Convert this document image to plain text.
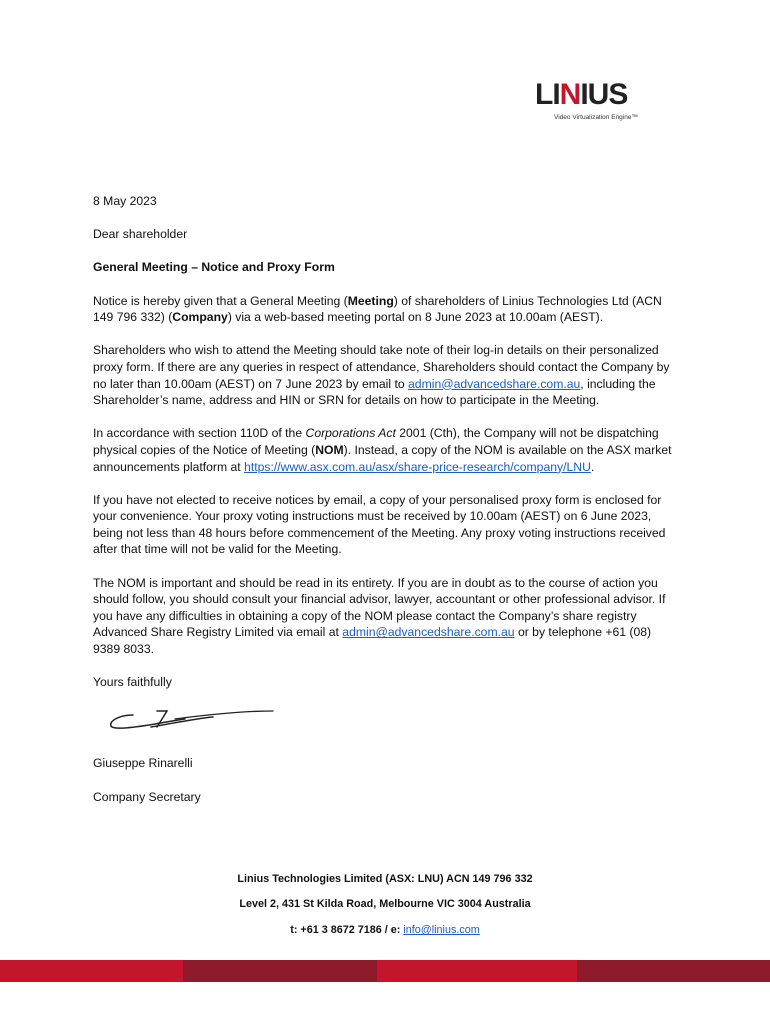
LINIUS
Video Virtualization Engine™

8 May 2023

Dear shareholder

General Meeting – Notice and Proxy Form

Notice is hereby given that a General Meeting (Meeting) of shareholders of Linius Technologies Ltd (ACN 149 796 332) (Company) via a web-based meeting portal on 8 June 2023 at 10.00am (AEST).

Shareholders who wish to attend the Meeting should take note of their log-in details on their personalized proxy form. If there are any queries in respect of attendance, Shareholders should contact the Company by no later than 10.00am (AEST) on 7 June 2023 by email to admin@advancedshare.com.au, including the Shareholder’s name, address and HIN or SRN for details on how to participate in the Meeting.

In accordance with section 110D of the Corporations Act 2001 (Cth), the Company will not be dispatching physical copies of the Notice of Meeting (NOM). Instead, a copy of the NOM is available on the ASX market announcements platform at https://www.asx.com.au/asx/share-price-research/company/LNU.

If you have not elected to receive notices by email, a copy of your personalised proxy form is enclosed for your convenience. Your proxy voting instructions must be received by 10.00am (AEST) on 6 June 2023, being not less than 48 hours before commencement of the Meeting. Any proxy voting instructions received after that time will not be valid for the Meeting.

The NOM is important and should be read in its entirety. If you are in doubt as to the course of action you should follow, you should consult your financial advisor, lawyer, accountant or other professional advisor. If you have any difficulties in obtaining a copy of the NOM please contact the Company’s share registry Advanced Share Registry Limited via email at admin@advancedshare.com.au or by telephone +61 (08) 9389 8033.

Yours faithfully

Giuseppe Rinarelli

Company Secretary

Linius Technologies Limited (ASX: LNU) ACN 149 796 332
Level 2, 431 St Kilda Road, Melbourne VIC 3004 Australia
t: +61 3 8672 7186 / e: info@linius.com
